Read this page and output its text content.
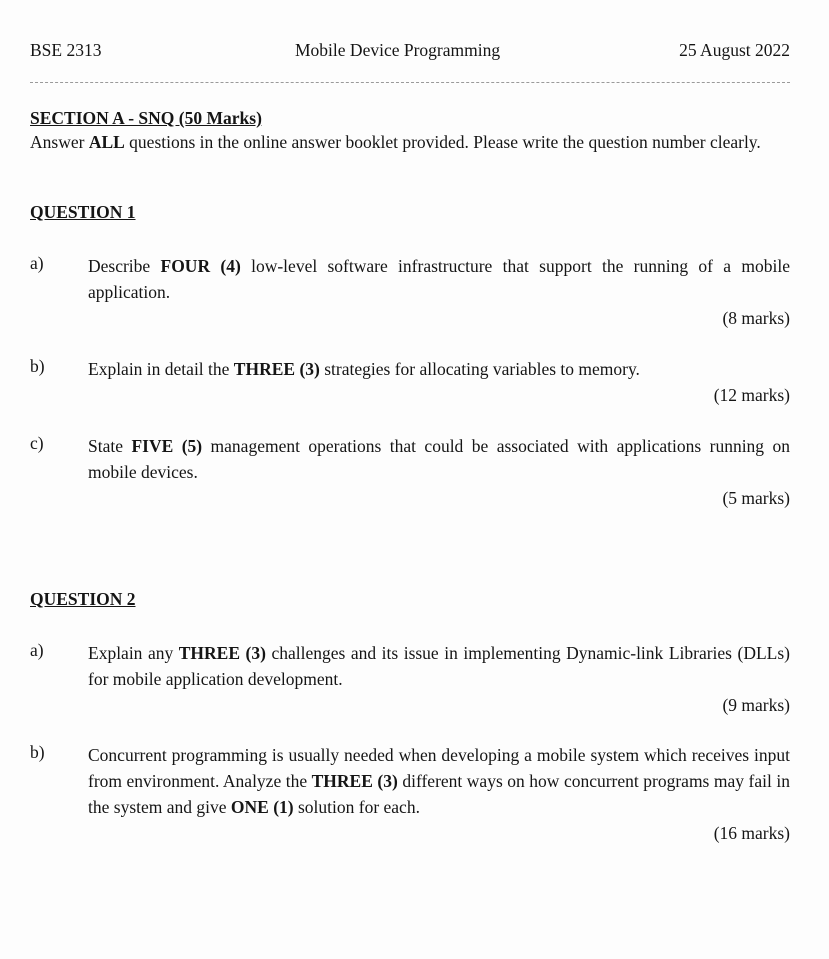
BSE 2313	Mobile Device Programming	25 August 2022
SECTION A - SNQ (50 Marks)
Answer ALL questions in the online answer booklet provided. Please write the question number clearly.
QUESTION 1
a)	Describe FOUR (4) low-level software infrastructure that support the running of a mobile application.
(8 marks)
b) Explain in detail the THREE (3) strategies for allocating variables to memory.
(12 marks)
c)	State FIVE (5) management operations that could be associated with applications running on mobile devices.
(5 marks)
QUESTION 2
a)	Explain any THREE (3) challenges and its issue in implementing Dynamic-link Libraries (DLLs) for mobile application development.
(9 marks)
b) Concurrent programming is usually needed when developing a mobile system which receives input from environment. Analyze the THREE (3) different ways on how concurrent programs may fail in the system and give ONE (1) solution for each.
(16 marks)
